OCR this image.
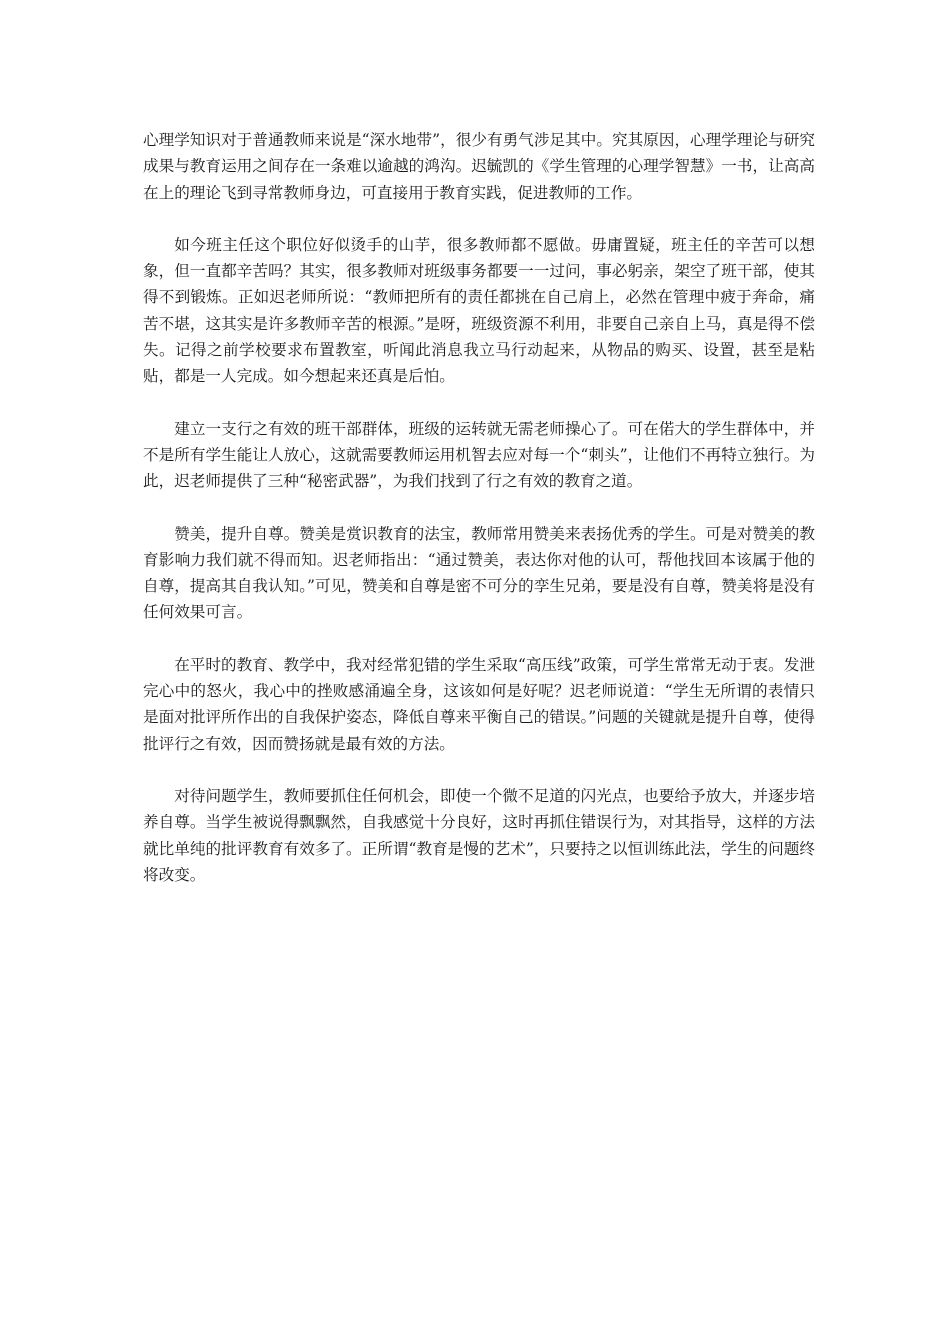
心理学知识对于普通教师来说是“深水地带”，很少有勇气涉足其中。究其原因，心理学理论与研究成果与教育运用之间存在一条难以逾越的鸿沟。迟毓凯的《学生管理的心理学智慧》一书，让高高在上的理论飞到寻常教师身边，可直接用于教育实践，促进教师的工作。

如今班主任这个职位好似烫手的山芋，很多教师都不愿做。毋庸置疑，班主任的辛苦可以想象，但一直都辛苦吗？其实，很多教师对班级事务都要一一过问，事必躬亲，架空了班干部，使其得不到锻炼。正如迟老师所说：“教师把所有的责任都挑在自己肩上，必然在管理中疲于奔命，痛苦不堪，这其实是许多教师辛苦的根源。”是呀，班级资源不利用，非要自己亲自上马，真是得不偿失。记得之前学校要求布置教室，听闻此消息我立马行动起来，从物品的购买、设置，甚至是粘贴，都是一人完成。如今想起来还真是后怕。

建立一支行之有效的班干部群体，班级的运转就无需老师操心了。可在偌大的学生群体中，并不是所有学生能让人放心，这就需要教师运用机智去应对每一个“刺头”，让他们不再特立独行。为此，迟老师提供了三种“秘密武器”，为我们找到了行之有效的教育之道。

赞美，提升自尊。赞美是赏识教育的法宝，教师常用赞美来表扬优秀的学生。可是对赞美的教育影响力我们就不得而知。迟老师指出：“通过赞美，表达你对他的认可，帮他找回本该属于他的自尊，提高其自我认知。”可见，赞美和自尊是密不可分的孪生兄弟，要是没有自尊，赞美将是没有任何效果可言。

在平时的教育、教学中，我对经常犯错的学生采取“高压线”政策，可学生常常无动于衷。发泄完心中的怒火，我心中的挫败感涌遍全身，这该如何是好呢？迟老师说道：“学生无所谓的表情只是面对批评所作出的自我保护姿态，降低自尊来平衡自己的错误。”问题的关键就是提升自尊，使得批评行之有效，因而赞扬就是最有效的方法。

对待问题学生，教师要抓住任何机会，即使一个微不足道的闪光点，也要给予放大，并逐步培养自尊。当学生被说得飘飘然，自我感觉十分良好，这时再抓住错误行为，对其指导，这样的方法就比单纯的批评教育有效多了。正所谓“教育是慢的艺术”，只要持之以恒训练此法，学生的问题终将改变。
